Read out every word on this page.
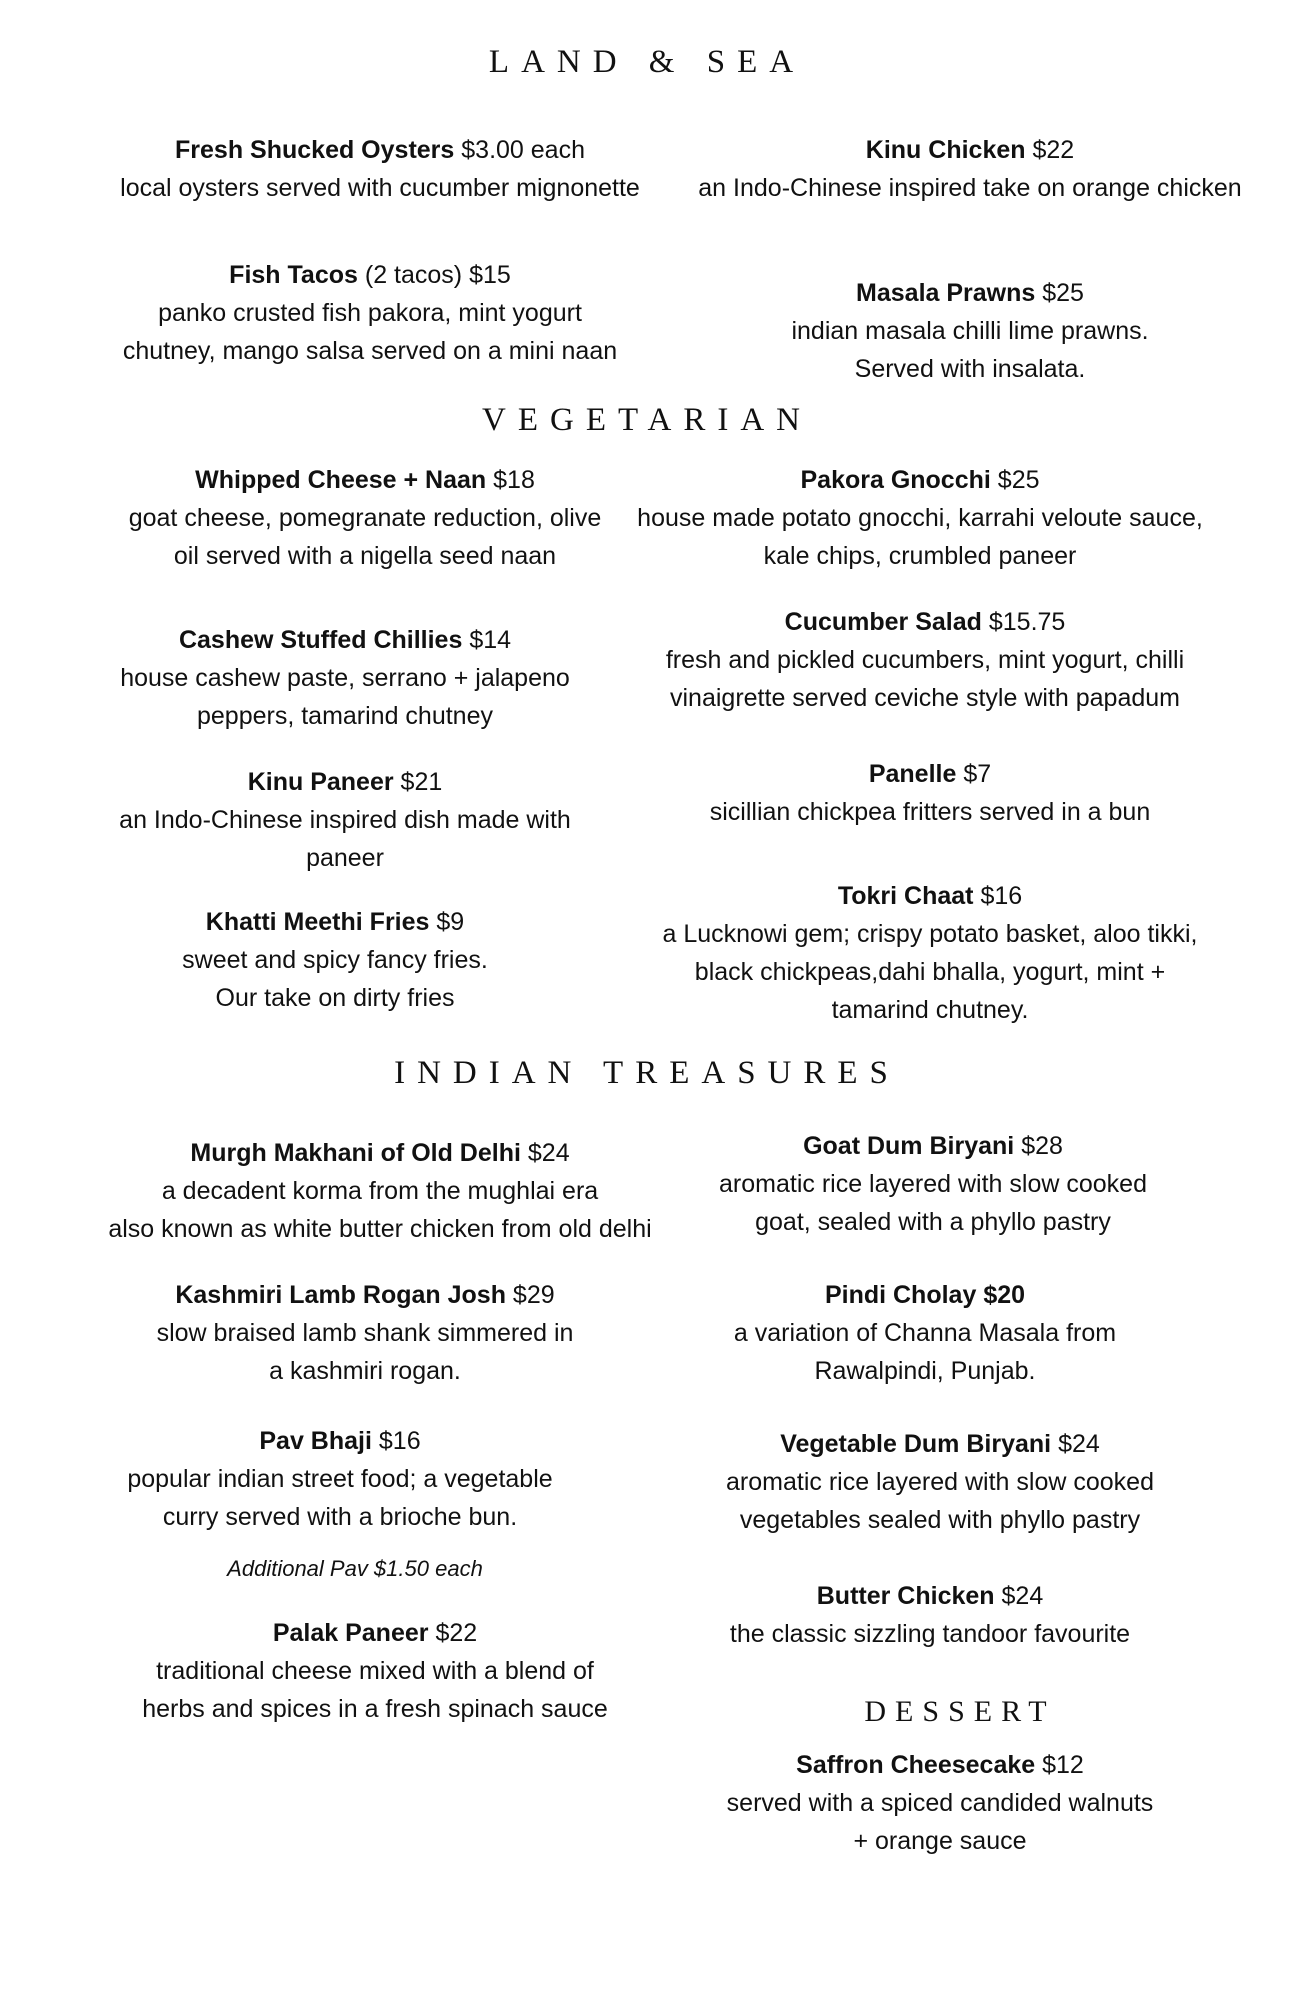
LAND & SEA
Fresh Shucked Oysters $3.00 each
local oysters served with cucumber mignonette
Kinu Chicken $22
an Indo-Chinese inspired take on orange chicken
Fish Tacos (2 tacos) $15
panko crusted fish pakora, mint yogurt
chutney, mango salsa served on a mini naan
Masala Prawns $25
indian masala chilli lime prawns.
Served with insalata.
VEGETARIAN
Whipped Cheese + Naan $18
goat cheese, pomegranate reduction, olive
oil served with a nigella seed naan
Pakora Gnocchi $25
house made potato gnocchi, karrahi veloute sauce,
kale chips, crumbled paneer
Cashew Stuffed Chillies $14
house cashew paste, serrano + jalapeno
peppers, tamarind chutney
Cucumber Salad $15.75
fresh and pickled cucumbers, mint yogurt, chilli
vinaigrette served ceviche style with papadum
Kinu Paneer $21
an Indo-Chinese inspired dish made with
paneer
Panelle $7
sicillian chickpea fritters served in a bun
Khatti Meethi Fries $9
sweet and spicy fancy fries.
Our take on dirty fries
Tokri Chaat $16
a Lucknowi gem; crispy potato basket, aloo tikki,
black chickpeas,dahi bhalla, yogurt, mint +
tamarind chutney.
INDIAN TREASURES
Murgh Makhani of Old Delhi $24
a decadent korma from the mughlai era
also known as white butter chicken from old delhi
Goat Dum Biryani $28
aromatic rice layered with slow cooked
goat, sealed with a phyllo pastry
Kashmiri Lamb Rogan Josh $29
slow braised lamb shank simmered in
a kashmiri rogan.
Pindi Cholay $20
a variation of Channa Masala from
Rawalpindi, Punjab.
Pav Bhaji $16
popular indian street food; a vegetable
curry served with a brioche bun.
Additional Pav $1.50 each
Vegetable Dum Biryani $24
aromatic rice layered with slow cooked
vegetables sealed with phyllo pastry
Palak Paneer $22
traditional cheese mixed with a blend of
herbs and spices in a fresh spinach sauce
Butter Chicken $24
the classic sizzling tandoor favourite
DESSERT
Saffron Cheesecake $12
served with a spiced candided walnuts
+ orange sauce
